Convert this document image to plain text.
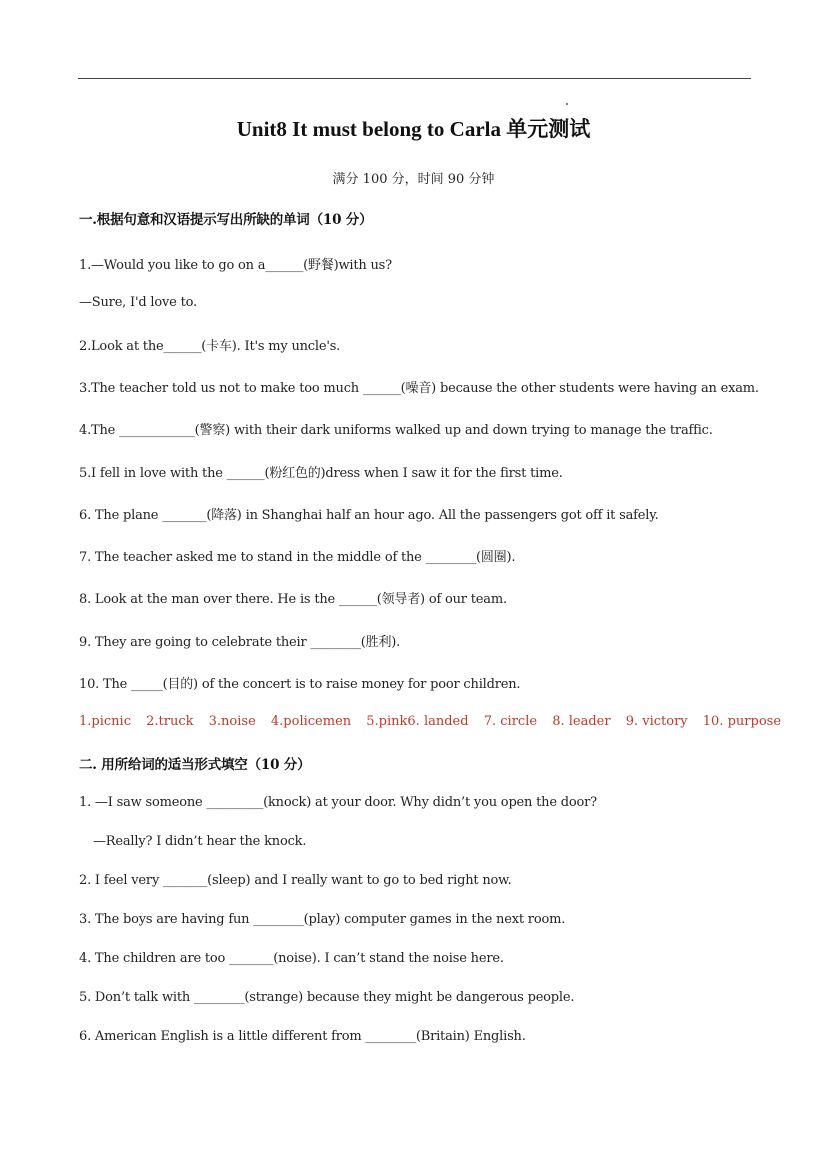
Unit8 It must belong to Carla 单元测试
满分 100 分，时间 90 分钟
一.根据句意和汉语提示写出所缺的单词（10 分）
1.—Would you like to go on a______(野餐)with us?
—Sure, I'd love to.
2.Look at the______(卡车). It's my uncle's.
3.The teacher told us not to make too much ______(噪音) because the other students were having an exam.
4.The ____________(警察) with their dark uniforms walked up and down trying to manage the traffic.
5.I fell in love with the ______(粉红色的)dress when I saw it for the first time.
6. The plane _______(降落) in Shanghai half an hour ago. All the passengers got off it safely.
7. The teacher asked me to stand in the middle of the ________(圆圈).
8. Look at the man over there. He is the ______(领导者) of our team.
9. They are going to celebrate their ________(胜利).
10. The _____(目的) of the concert is to raise money for poor children.
1.picnic 2.truck 3.noise 4.policemen 5.pink6. landed 7. circle 8. leader 9. victory 10. purpose
二. 用所给词的适当形式填空（10 分）
1. —I saw someone _________(knock) at your door. Why didn’t you open the door?
—Really? I didn’t hear the knock.
2. I feel very _______(sleep) and I really want to go to bed right now.
3. The boys are having fun ________(play) computer games in the next room.
4. The children are too _______(noise). I can’t stand the noise here.
5. Don’t talk with ________(strange) because they might be dangerous people.
6. American English is a little different from ________(Britain) English.
